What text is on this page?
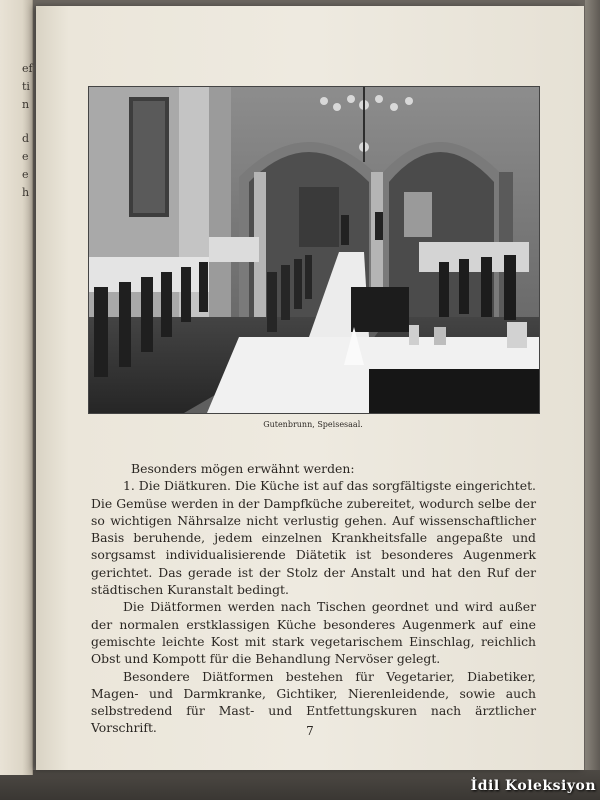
ef
ti
n
d
e
e
h
Gutenbrunn, Speisesaal.

Besonders mögen erwähnt werden:

1. Die Diätkuren. Die Küche ist auf das sorgfältigste eingerichtet. Die Gemüse werden in der Dampfküche zubereitet, wodurch selbe der so wichtigen Nährsalze nicht verlustig gehen. Auf wissenschaftlicher Basis beruhende, jedem einzelnen Krankheitsfalle angepaßte und sorgsamst individualisierende Diätetik ist besonderes Augenmerk gerichtet. Das gerade ist der Stolz der Anstalt und hat den Ruf der städtischen Kuranstalt bedingt.

Die Diätformen werden nach Tischen geordnet und wird außer der normalen erstklassigen Küche besonderes Augenmerk auf eine gemischte leichte Kost mit stark vegetarischem Einschlag, reichlich Obst und Kompott für die Behandlung Nervöser gelegt.

Besondere Diätformen bestehen für Vegetarier, Diabetiker, Magen- und Darmkranke, Gichtiker, Nierenleidende, sowie auch selbstredend für Mast- und Entfettungskuren nach ärztlicher Vorschrift.	7
İdil Koleksiyon
